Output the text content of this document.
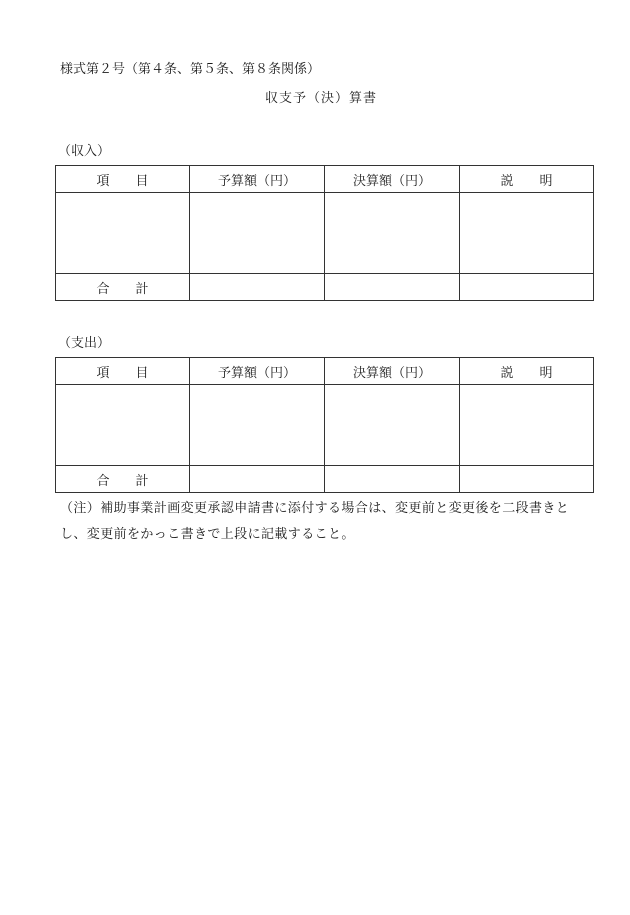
様式第２号（第４条、第５条、第８条関係）
収支予（決）算書
（収入）
項 目	予算額（円）	決算額（円）	説 明

合 計			
（支出）
項 目	予算額（円）	決算額（円）	説 明

合 計			
（注）補助事業計画変更承認申請書に添付する場合は、変更前と変更後を二段書きとし、変更前をかっこ書きで上段に記載すること。
